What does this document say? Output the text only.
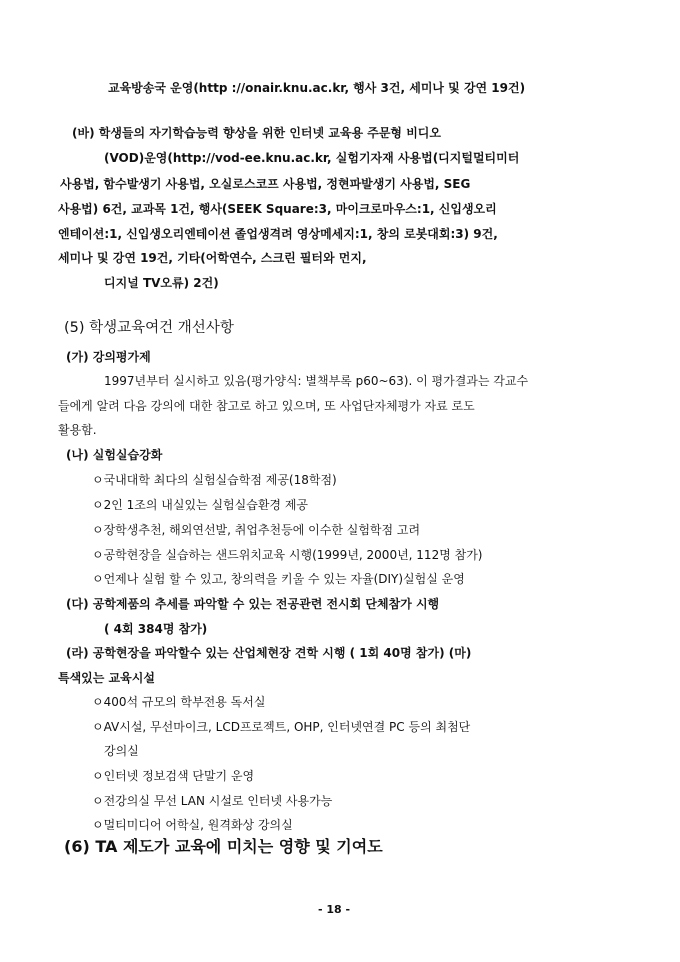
교육방송국 운영(http ://onair.knu.ac.kr, 행사 3건, 세미나 및 강연 19건)
(바) 학생들의 자기학습능력 향상을 위한 인터넷 교육용 주문형 비디오
(VOD)운영(http://vod-ee.knu.ac.kr, 실험기자재 사용법(디지털멀티미터
사용법, 함수발생기 사용법, 오실로스코프 사용법, 정현파발생기 사용법, SEG
사용법) 6건, 교과목 1건, 행사(SEEK Square:3, 마이크로마우스:1, 신입생오리
엔테이션:1, 신입생오리엔테이션 졸업생격려 영상메세지:1, 창의 로봇대회:3) 9건,
세미나 및 강연 19건, 기타(어학연수, 스크린 필터와 먼지,
디지널 TV오류) 2건)
(5) 학생교육여건 개선사항
(가) 강의평가제
1997년부터 실시하고 있음(평가양식: 별책부록 p60~63). 이 평가결과는 각교수
들에게 알려 다음 강의에 대한 참고로 하고 있으며, 또 사업단자체평가 자료 로도
활용함.
(나) 실험실습강화
ㅇ국내대학 최다의 실험실습학점 제공(18학점)
ㅇ2인 1조의 내실있는 실험실습환경 제공
ㅇ장학생추천, 해외연선발, 취업추천등에 이수한 실험학점 고려
ㅇ공학현장을 실습하는 샌드위치교육 시행(1999년, 2000년, 112명 참가)
ㅇ언제나 실험 할 수 있고, 창의력을 키울 수 있는 자율(DIY)실험실 운영
(다) 공학제품의 추세를 파악할 수 있는 전공관련 전시회 단체참가 시행
( 4회 384명 참가)
(라) 공학현장을 파악할수 있는 산업체현장 견학 시행 ( 1회 40명 참가) (마)
특색있는 교육시설
ㅇ400석 규모의 학부전용 독서실
ㅇAV시설, 무선마이크, LCD프로젝트, OHP, 인터넷연결 PC 등의 최첨단
강의실
ㅇ인터넷 정보검색 단말기 운영
ㅇ전강의실 무선 LAN 시설로 인터넷 사용가능
ㅇ멀티미디어 어학실, 원격화상 강의실
(6) TA 제도가 교육에 미치는 영향 및 기여도
- 18 -
